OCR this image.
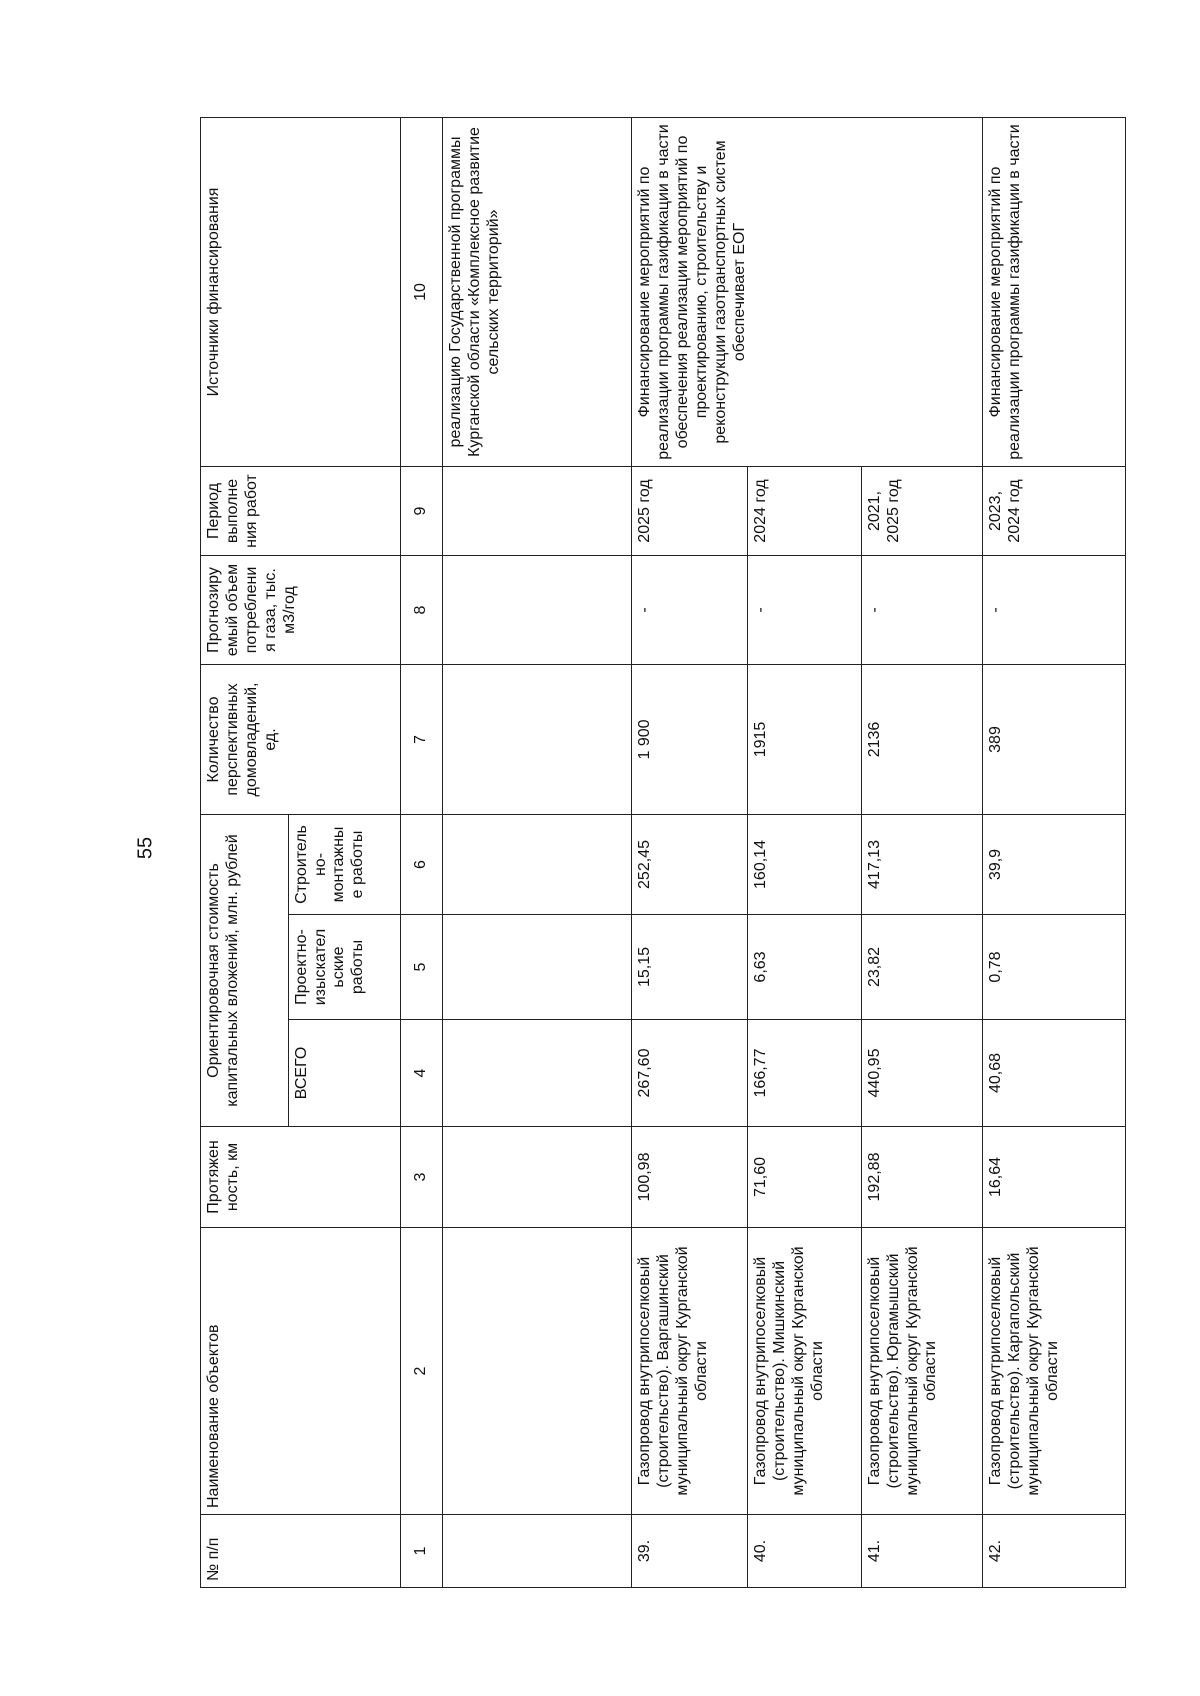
55
№ п/п	Наименование объектов	Протяжен ность, км	Ориентировочная стоимость капитальных вложений, млн. рублей			Количество перспективных домовладений, ед.	Прогнозиру емый объем потреблени я газа, тыс. м3/год	Период выполне ния работ	Источники финансирования
			ВСЕГО	Проектно- изыскател ьские работы	Строитель но- монтажны е работы				
1	2	3	4	5	6	7	8	9	10
									реализацию Государственной программы Курганской области «Комплексное развитие сельских территорий»
39.	Газопровод внутрипоселковый (строительство). Варгашинский муниципальный округ Курганской области	100,98	267,60	15,15	252,45	1 900	-	2025 год	Финансирование мероприятий по реализации программы газификации в части обеспечения реализации мероприятий по проектированию, строительству и реконструкции газотранспортных систем обеспечивает ЕОГ
40.	Газопровод внутрипоселковый (строительство). Мишкинский муниципальный округ Курганской области	71,60	166,77	6,63	160,14	1915	-	2024 год	
41.	Газопровод внутрипоселковый (строительство). Юргамышский муниципальный округ Курганской области	192,88	440,95	23,82	417,13	2136	-	2021, 2025 год	
42.	Газопровод внутрипоселковый (строительство). Каргапольский муниципальный округ Курганской области	16,64	40,68	0,78	39,9	389	-	2023, 2024 год	Финансирование мероприятий по реализации программы газификации в части
